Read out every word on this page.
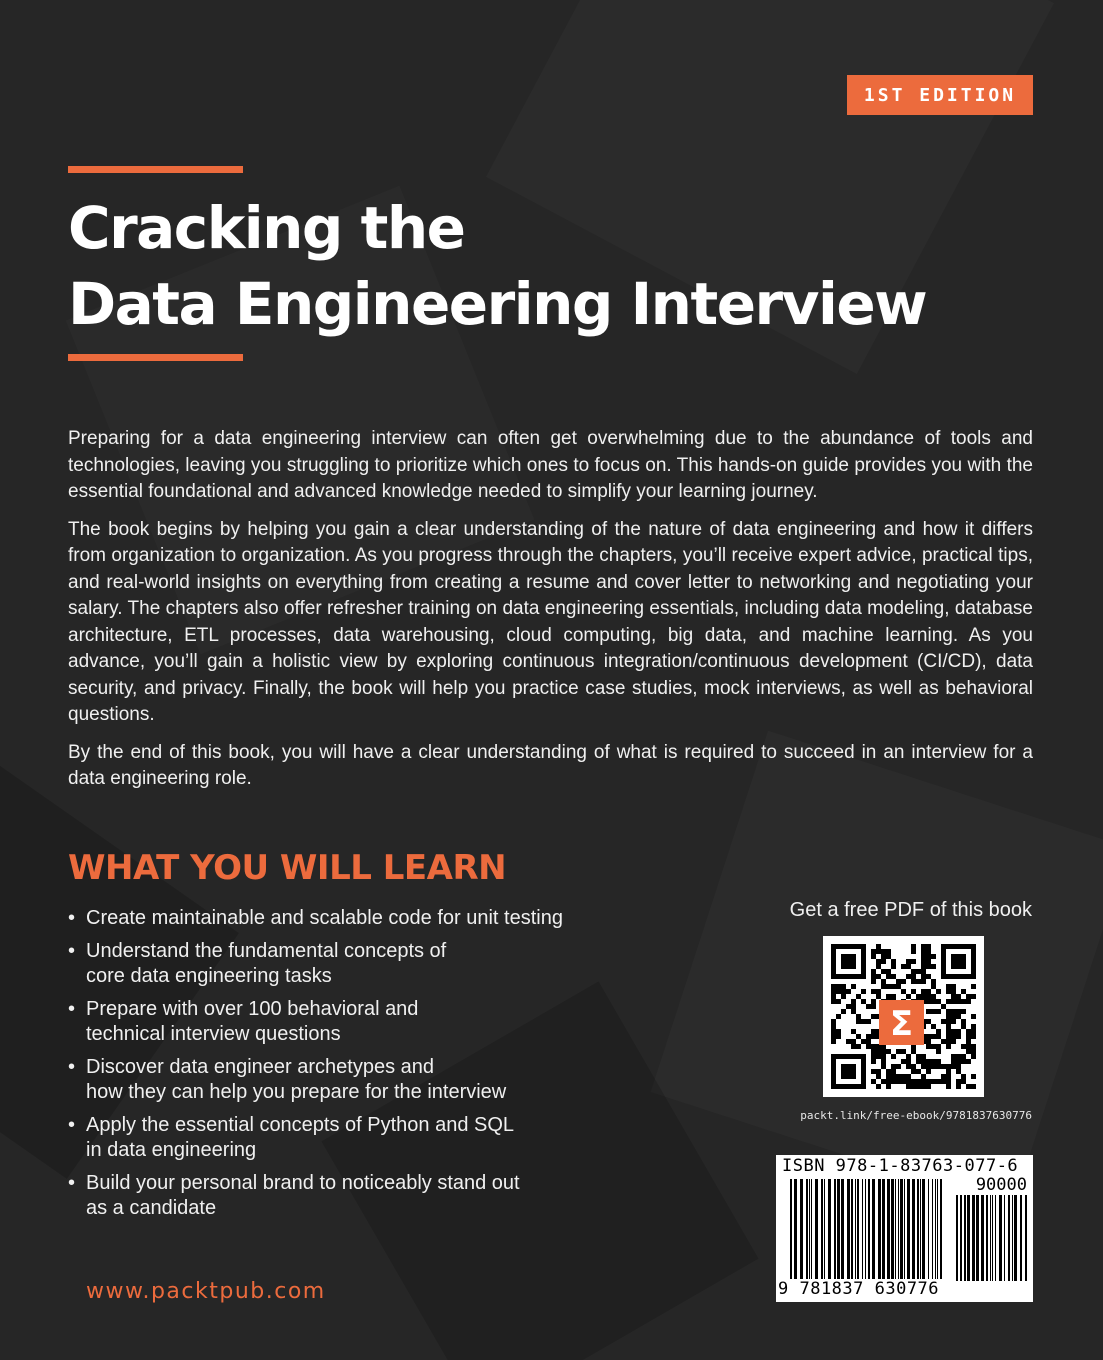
1ST EDITION
Cracking the
Data Engineering Interview

Preparing for a data engineering interview can often get overwhelming due to the abundance of tools and technologies, leaving you struggling to prioritize which ones to focus on. This hands-on guide provides you with the essential foundational and advanced knowledge needed to simplify your learning journey.

The book begins by helping you gain a clear understanding of the nature of data engineering and how it differs from organization to organization. As you progress through the chapters, you’ll receive expert advice, practical tips, and real-world insights on everything from creating a resume and cover letter to networking and negotiating your salary. The chapters also offer refresher training on data engineering essentials, including data modeling, database architecture, ETL processes, data warehousing, cloud computing, big data, and machine learning. As you advance, you’ll gain a holistic view by exploring continuous integration/continuous development (CI/CD), data security, and privacy. Finally, the book will help you practice case studies, mock interviews, as well as behavioral questions.

By the end of this book, you will have a clear understanding of what is required to succeed in an interview for a data engineering role.

WHAT YOU WILL LEARN
• Create maintainable and scalable code for unit testing
• Understand the fundamental concepts of
core data engineering tasks
• Prepare with over 100 behavioral and
technical interview questions
• Discover data engineer archetypes and
how they can help you prepare for the interview
• Apply the essential concepts of Python and SQL
in data engineering
• Build your personal brand to noticeably stand out
as a candidate
www.packtpub.com
Get a free PDF of this book
Σ
packt.link/free-ebook/9781837630776
ISBN 978-1-83763-077-6
90000
9 781837 630776
